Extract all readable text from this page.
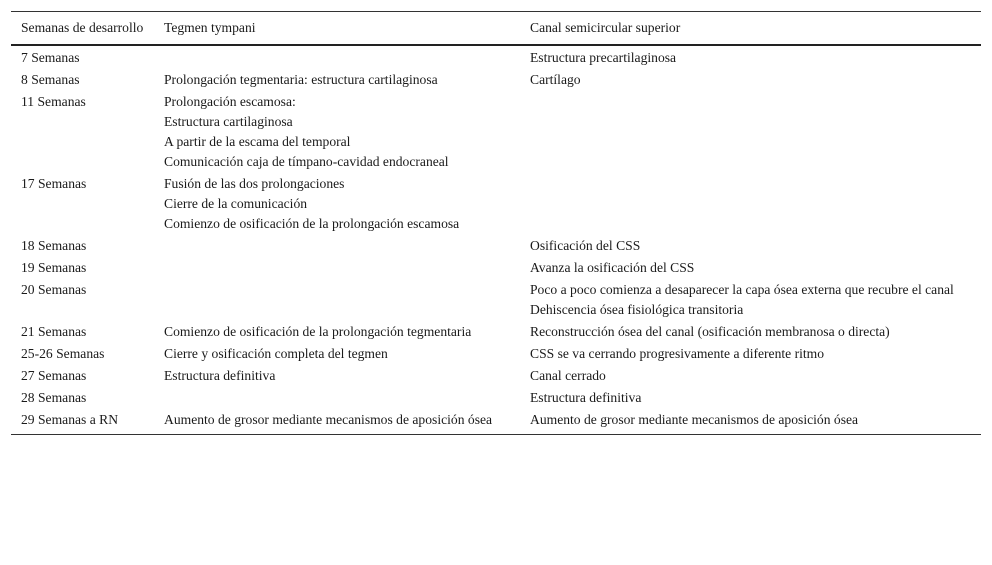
Semanas de desarrollo	Tegmen tympani	Canal semicircular superior
7 Semanas		Estructura precartilaginosa

8 Semanas	Prolongación tegmentaria: estructura cartilaginosa	Cartílago

11 Semanas	Prolongación escamosa:
Estructura cartilaginosa
A partir de la escama del temporal
Comunicación caja de tímpano-cavidad endocraneal	

17 Semanas	Fusión de las dos prolongaciones
Cierre de la comunicación
Comienzo de osificación de la prolongación escamosa	

18 Semanas		Osificación del CSS

19 Semanas		Avanza la osificación del CSS

20 Semanas		Poco a poco comienza a desaparecer la capa ósea externa que recubre el canal
Dehiscencia ósea fisiológica transitoria

21 Semanas	Comienzo de osificación de la prolongación tegmentaria	Reconstrucción ósea del canal (osificación membranosa o directa)

25-26 Semanas	Cierre y osificación completa del tegmen	CSS se va cerrando progresivamente a diferente ritmo

27 Semanas	Estructura definitiva	Canal cerrado

28 Semanas		Estructura definitiva

29 Semanas a RN	Aumento de grosor mediante mecanismos de aposición ósea	Aumento de grosor mediante mecanismos de aposición ósea
